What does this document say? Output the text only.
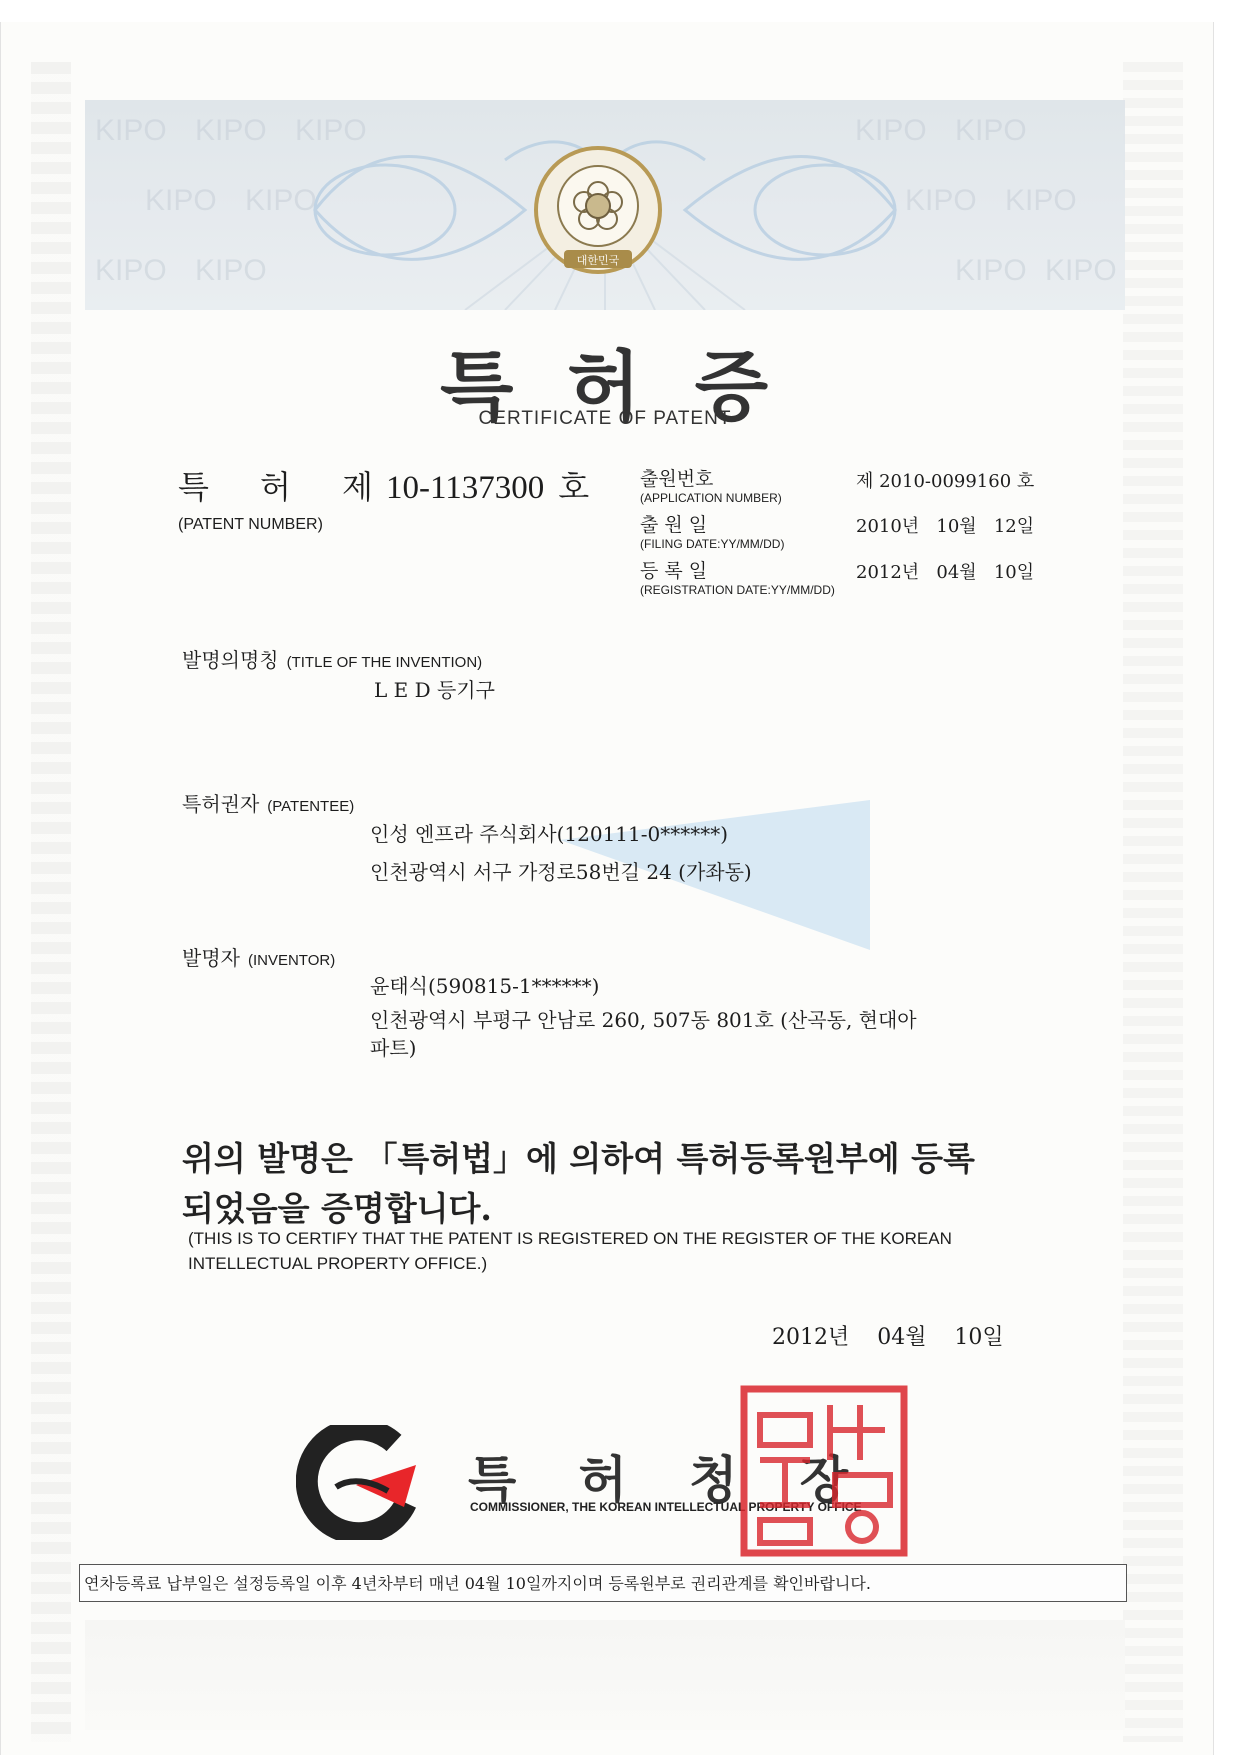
KIPO KIPO KIPO	KIPO KIPO
KIPO KIPO	KIPO KIPO
KIPO KIPO	KIPO KIPO
대한민국
특 허 증
CERTIFICATE OF PATENT
특 허 제 10-1137300 호
(PATENT NUMBER)
출원번호
(APPLICATION NUMBER)
제 2010-0099160 호
출 원 일
(FILING DATE:YY/MM/DD)
2010년   10월   12일
등 록 일
(REGISTRATION DATE:YY/MM/DD)
2012년   04월   10일
발명의명칭 (TITLE OF THE INVENTION)
L E D 등기구
특허권자 (PATENTEE)
인성 엔프라 주식회사(120111-0******)
인천광역시 서구 가정로58번길 24 (가좌동)
발명자 (INVENTOR)
윤태식(590815-1******)
인천광역시 부평구 안남로 260, 507동 801호 (산곡동, 현대아
파트)
위의 발명은 「특허법」에 의하여 특허등록원부에 등록
되었음을 증명합니다.
(THIS IS TO CERTIFY THAT THE PATENT IS REGISTERED ON THE REGISTER OF THE KOREAN INTELLECTUAL PROPERTY OFFICE.)
2012년    04월    10일
특 허 청 장
COMMISSIONER, THE KOREAN INTELLECTUAL PROPERTY OFFICE
연차등록료 납부일은 설정등록일 이후 4년차부터 매년 04월 10일까지이며 등록원부로 권리관계를 확인바랍니다.
